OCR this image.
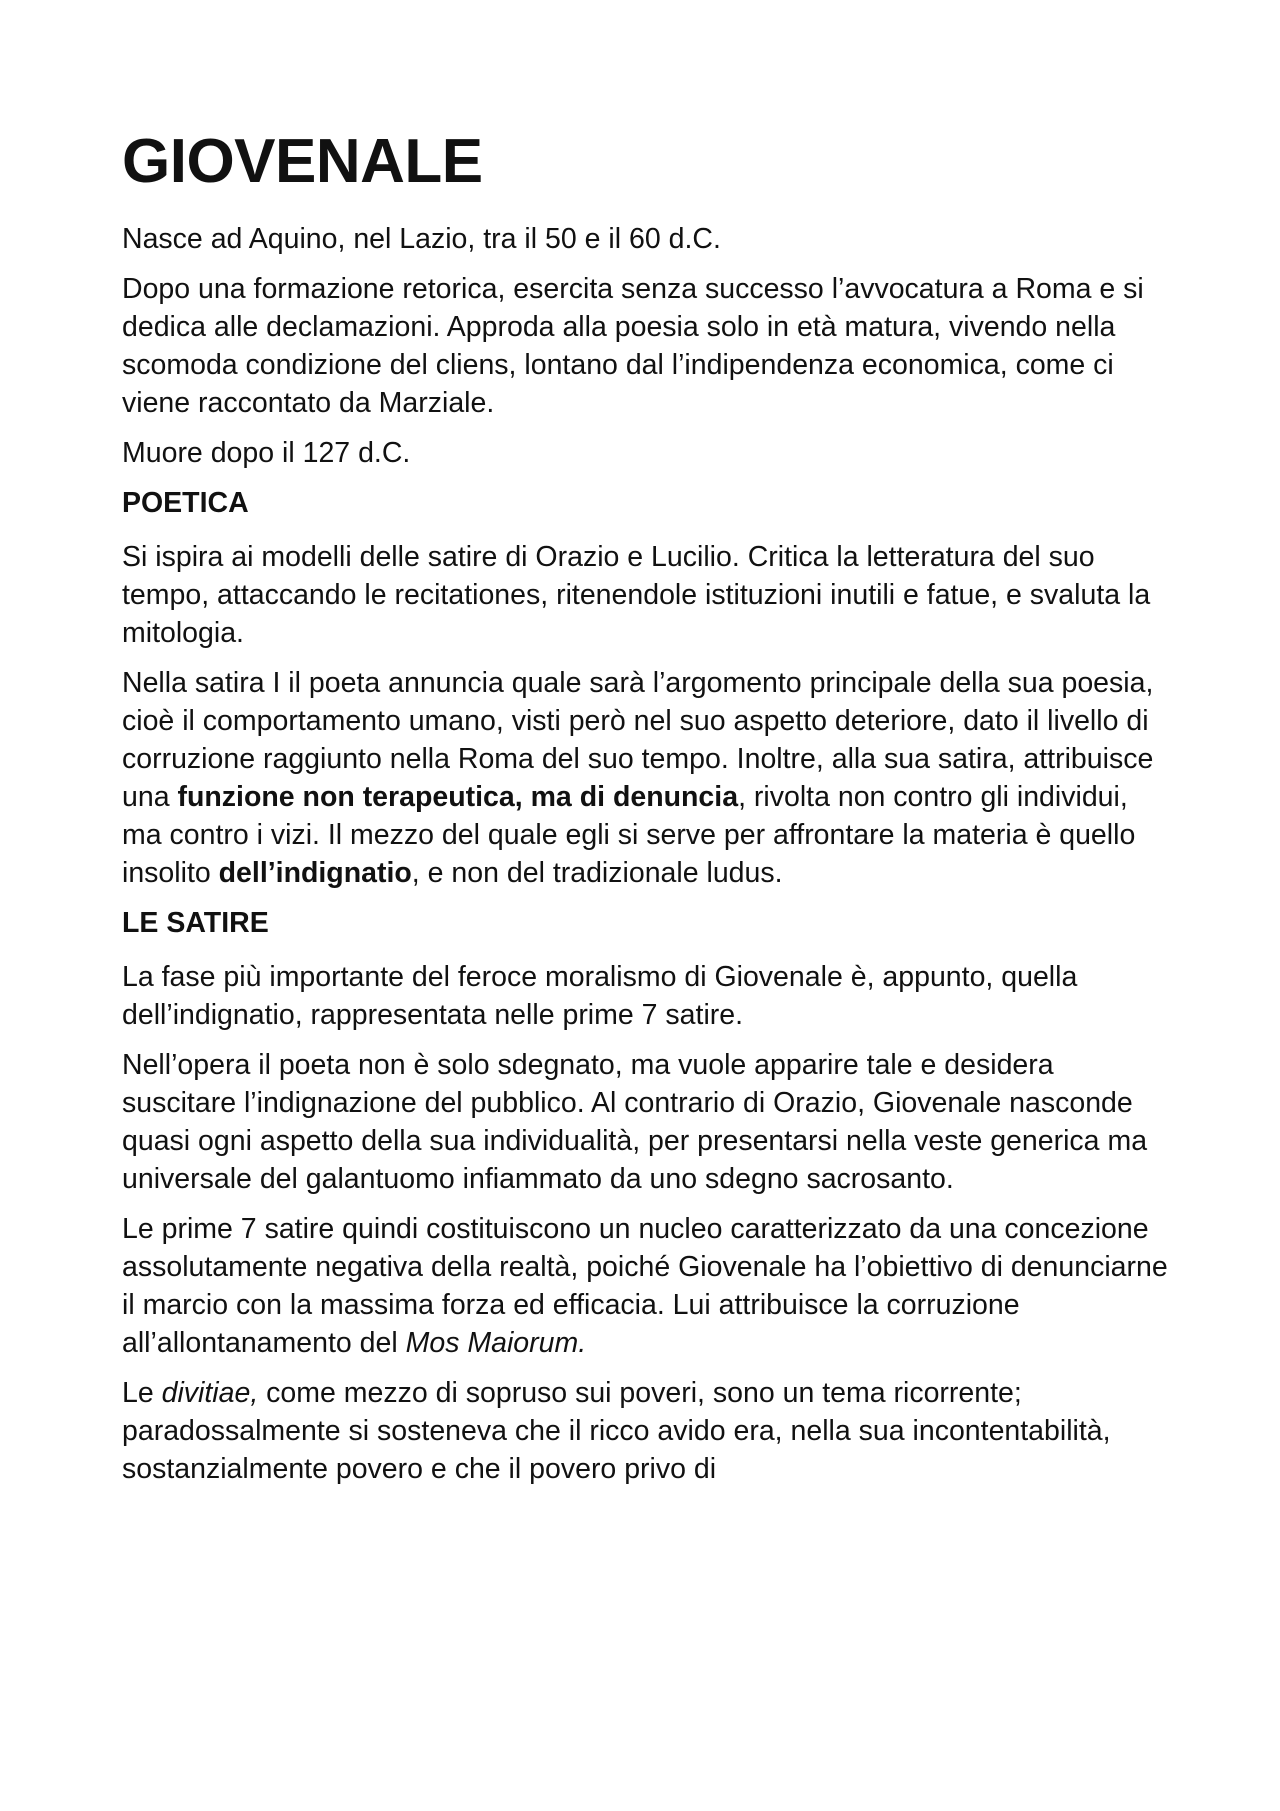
GIOVENALE

Nasce ad Aquino, nel Lazio, tra il 50 e il 60 d.C.

Dopo una formazione retorica, esercita senza successo l’avvocatura a Roma e si dedica alle declamazioni. Approda alla poesia solo in età matura, vivendo nella scomoda condizione del cliens, lontano dal l’indipendenza economica, come ci viene raccontato da Marziale.

Muore dopo il 127 d.C.

POETICA

Si ispira ai modelli delle satire di Orazio e Lucilio. Critica la letteratura del suo tempo, attaccando le recitationes, ritenendole istituzioni inutili e fatue, e svaluta la mitologia.

Nella satira I il poeta annuncia quale sarà l’argomento principale della sua poesia, cioè il comportamento umano, visti però nel suo aspetto deteriore, dato il livello di corruzione raggiunto nella Roma del suo tempo. Inoltre, alla sua satira, attribuisce una funzione non terapeutica, ma di denuncia, rivolta non contro gli individui, ma contro i vizi. Il mezzo del quale egli si serve per affrontare la materia è quello insolito dell’indignatio, e non del tradizionale ludus.

LE SATIRE

La fase più importante del feroce moralismo di Giovenale è, appunto, quella dell’indignatio, rappresentata nelle prime 7 satire.

Nell’opera il poeta non è solo sdegnato, ma vuole apparire tale e desidera suscitare l’indignazione del pubblico. Al contrario di Orazio, Giovenale nasconde quasi ogni aspetto della sua individualità, per presentarsi nella veste generica ma universale del galantuomo infiammato da uno sdegno sacrosanto.

Le prime 7 satire quindi costituiscono un nucleo caratterizzato da una concezione assolutamente negativa della realtà, poiché Giovenale ha l’obiettivo di denunciarne il marcio con la massima forza ed efficacia. Lui attribuisce la corruzione all’allontanamento del Mos Maiorum.

Le divitiae, come mezzo di sopruso sui poveri, sono un tema ricorrente; paradossalmente si sosteneva che il ricco avido era, nella sua incontentabilità, sostanzialmente povero e che il povero privo di
